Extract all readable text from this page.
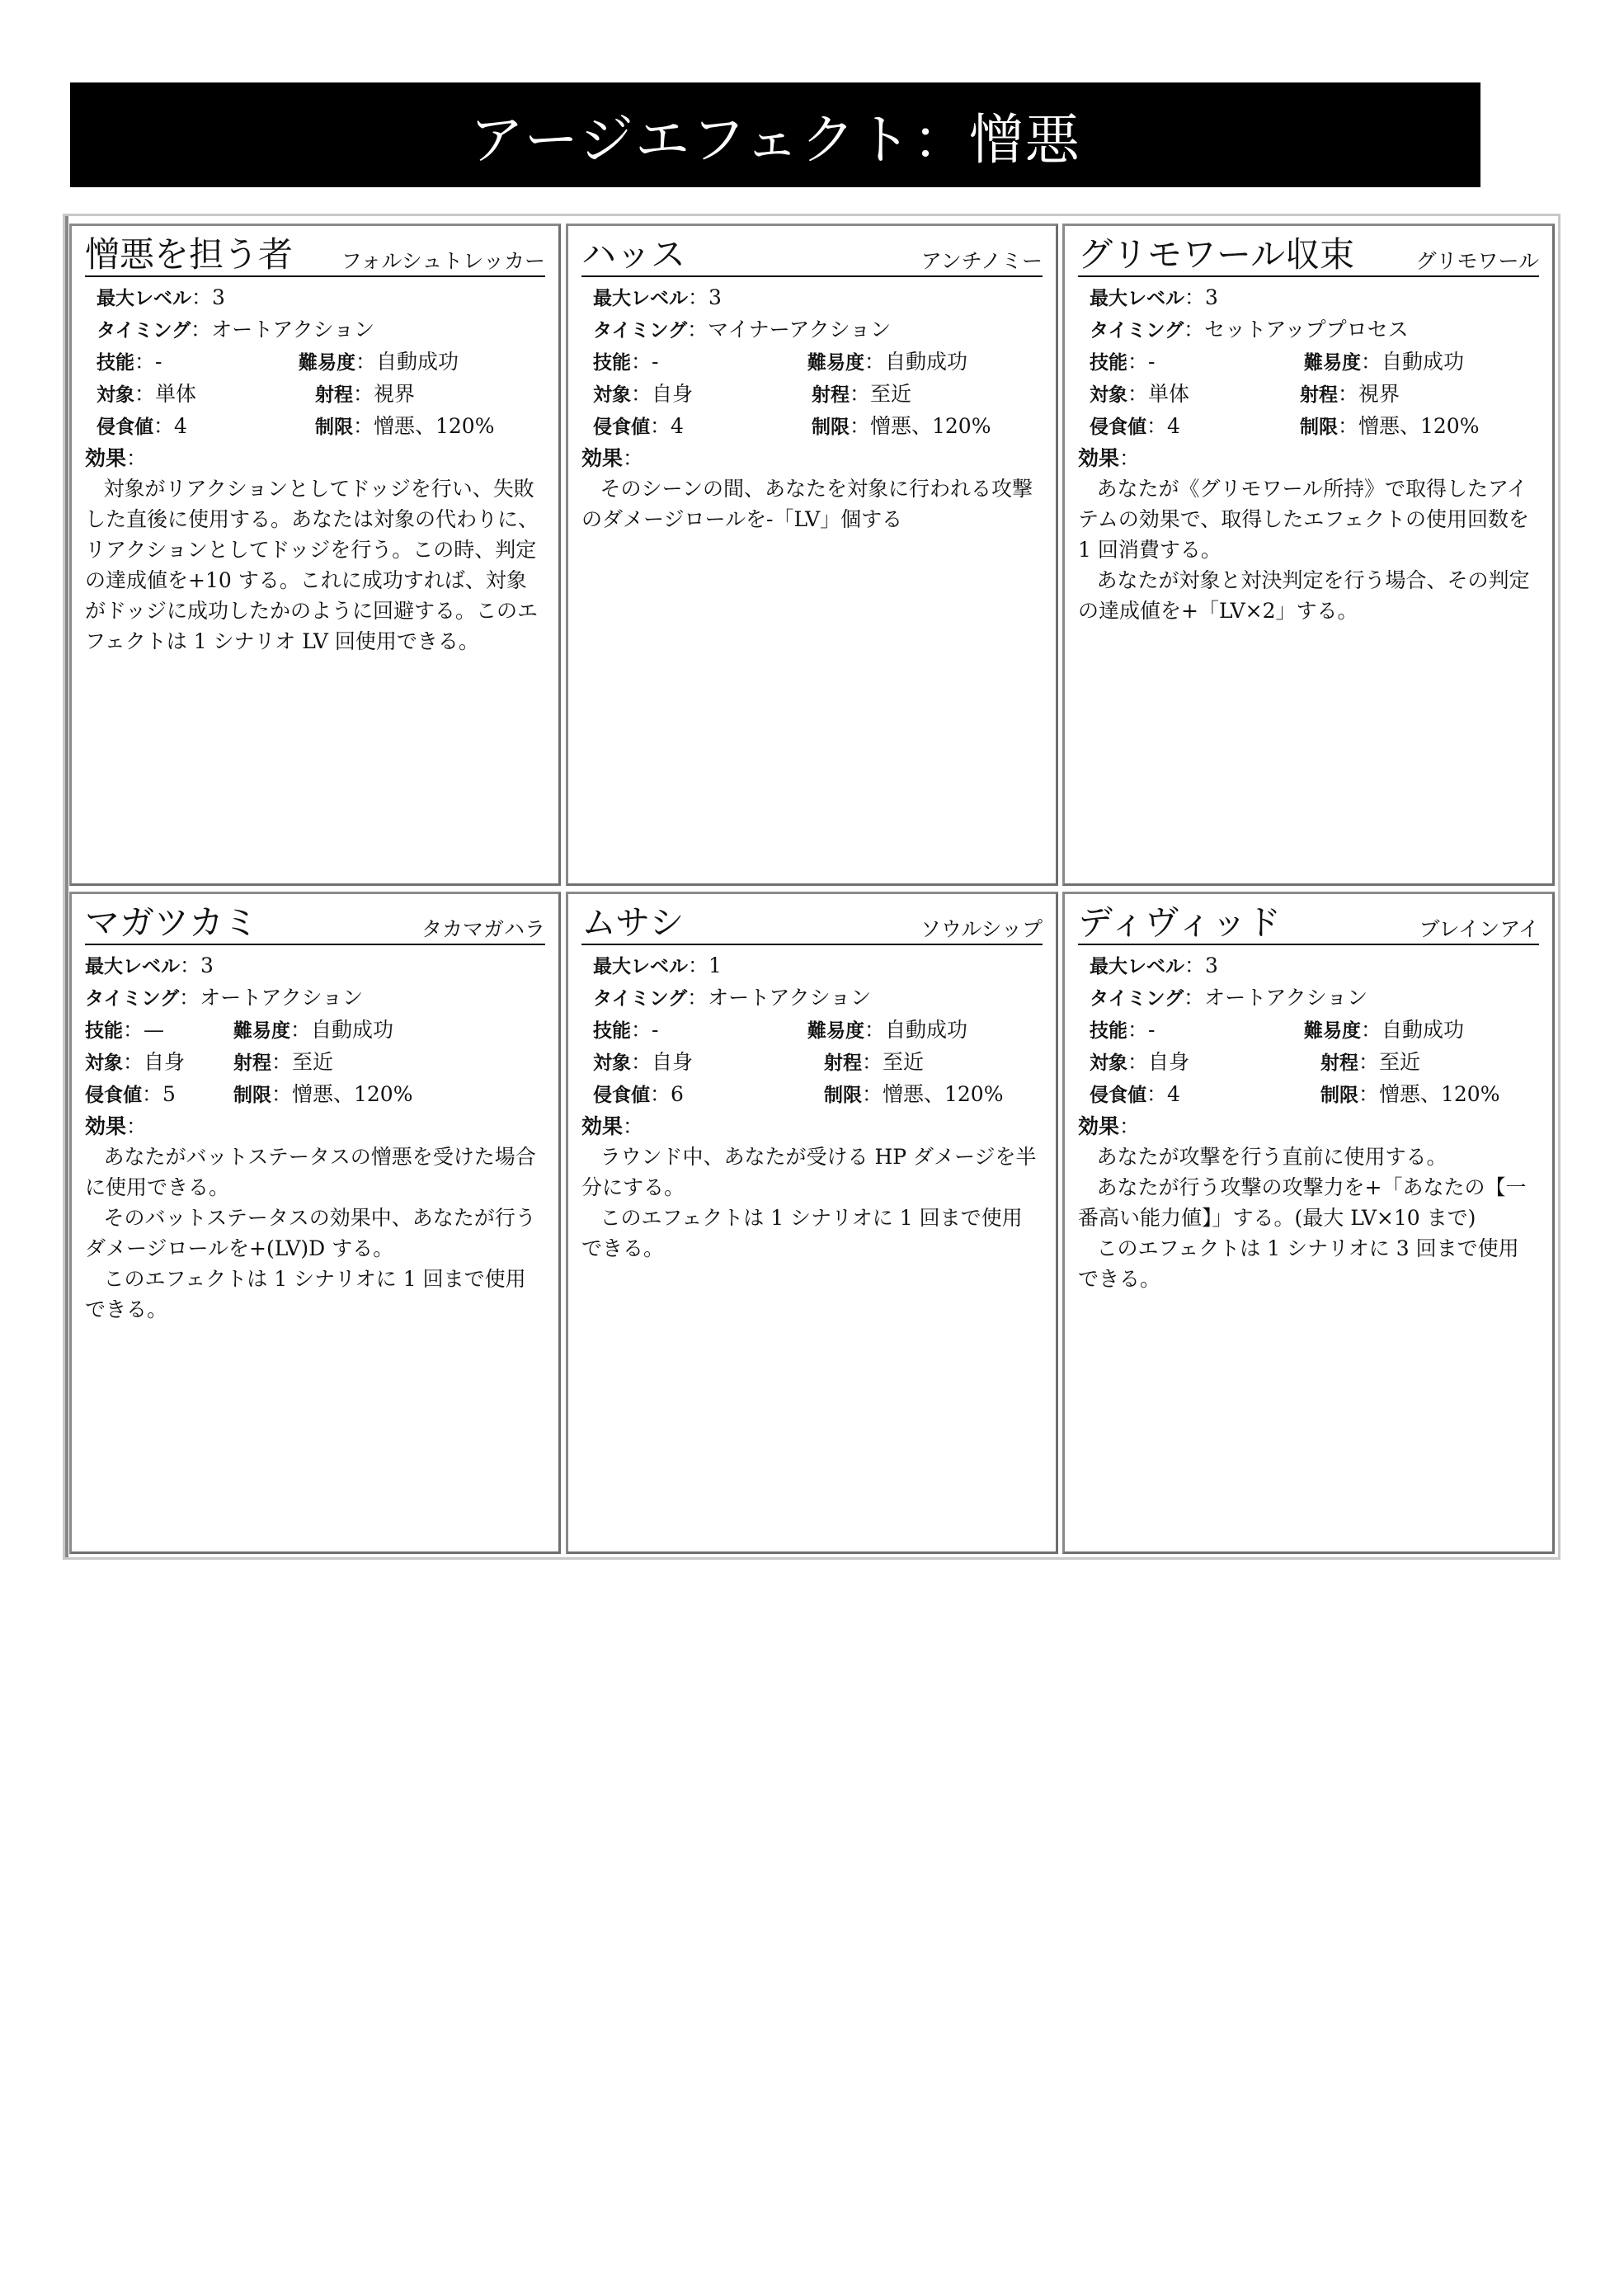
アージエフェクト：憎悪
憎悪を担う者	フォルシュトレッカー
最大レベル：3
タイミング：オートアクション
技能：-	難易度：自動成功
対象：単体	射程：視界
侵食値：4	制限：憎悪、120%
効果：

対象がリアクションとしてドッジを行い、失敗した直後に使用する。あなたは対象の代わりに、リアクションとしてドッジを行う。この時、判定の達成値を+10 する。これに成功すれば、対象がドッジに成功したかのように回避する。このエフェクトは 1 シナリオ LV 回使用できる。

ハッス	アンチノミー
最大レベル：3
タイミング：マイナーアクション
技能：-	難易度：自動成功
対象：自身	射程：至近
侵食値：4	制限：憎悪、120%
効果：

そのシーンの間、あなたを対象に行われる攻撃のダメージロールを-「LV」個する

グリモワール収束	グリモワール
最大レベル：3
タイミング：セットアッププロセス
技能：-	難易度：自動成功
対象：単体	射程：視界
侵食値：4	制限：憎悪、120%
効果：

あなたが《グリモワール所持》で取得したアイテムの効果で、取得したエフェクトの使用回数を 1 回消費する。

あなたが対象と対決判定を行う場合、その判定の達成値を+「LV×2」する。

マガツカミ	タカマガハラ
最大レベル：3
タイミング：オートアクション
技能：—	難易度：自動成功
対象：自身	射程：至近
侵食値：5	制限：憎悪、120%
効果：

あなたがバットステータスの憎悪を受けた場合に使用できる。

そのバットステータスの効果中、あなたが行うダメージロールを+(LV)D する。

このエフェクトは 1 シナリオに 1 回まで使用できる。

ムサシ	ソウルシップ
最大レベル：1
タイミング：オートアクション
技能：-	難易度：自動成功
対象：自身	射程：至近
侵食値：6	制限：憎悪、120%
効果：

ラウンド中、あなたが受ける HP ダメージを半分にする。

このエフェクトは 1 シナリオに 1 回まで使用できる。

ディヴィッド	ブレインアイ
最大レベル：3
タイミング：オートアクション
技能：-	難易度：自動成功
対象：自身	射程：至近
侵食値：4	制限：憎悪、120%
効果：

あなたが攻撃を行う直前に使用する。

あなたが行う攻撃の攻撃力を+「あなたの【一番高い能力値】」する。(最大 LV×10 まで)

このエフェクトは 1 シナリオに 3 回まで使用できる。
